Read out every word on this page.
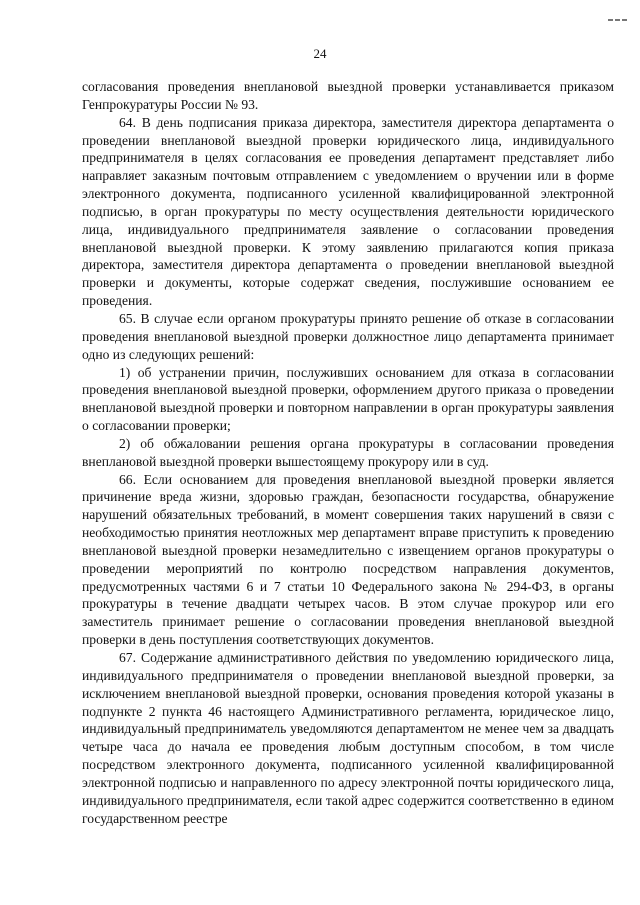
24

согласования проведения внеплановой выездной проверки устанавливается приказом Генпрокуратуры России № 93.

64. В день подписания приказа директора, заместителя директора департамента о проведении внеплановой выездной проверки юридического лица, индивидуального предпринимателя в целях согласования ее проведения департамент представляет либо направляет заказным почтовым отправлением с уведомлением о вручении или в форме электронного документа, подписанного усиленной квалифицированной электронной подписью, в орган прокуратуры по месту осуществления деятельности юридического лица, индивидуального предпринимателя заявление о согласовании проведения внеплановой выездной проверки. К этому заявлению прилагаются копия приказа директора, заместителя директора департамента о проведении внеплановой выездной проверки и документы, которые содержат сведения, послужившие основанием ее проведения.

65. В случае если органом прокуратуры принято решение об отказе в согласовании проведения внеплановой выездной проверки должностное лицо департамента принимает одно из следующих решений:

1) об устранении причин, послуживших основанием для отказа в согласовании проведения внеплановой выездной проверки, оформлением другого приказа о проведении внеплановой выездной проверки и повторном направлении в орган прокуратуры заявления о согласовании проверки;

2) об обжаловании решения органа прокуратуры в согласовании проведения внеплановой выездной проверки вышестоящему прокурору или в суд.

66. Если основанием для проведения внеплановой выездной проверки является причинение вреда жизни, здоровью граждан, безопасности государства, обнаружение нарушений обязательных требований, в момент совершения таких нарушений в связи с необходимостью принятия неотложных мер департамент вправе приступить к проведению внеплановой выездной проверки незамедлительно с извещением органов прокуратуры о проведении мероприятий по контролю посредством направления документов, предусмотренных частями 6 и 7 статьи 10 Федерального закона № 294-ФЗ, в органы прокуратуры в течение двадцати четырех часов. В этом случае прокурор или его заместитель принимает решение о согласовании проведения внеплановой выездной проверки в день поступления соответствующих документов.

67. Содержание административного действия по уведомлению юридического лица, индивидуального предпринимателя о проведении внеплановой выездной проверки, за исключением внеплановой выездной проверки, основания проведения которой указаны в подпункте 2 пункта 46 настоящего Административного регламента, юридическое лицо, индивидуальный предприниматель уведомляются департаментом не менее чем за двадцать четыре часа до начала ее проведения любым доступным способом, в том числе посредством электронного документа, подписанного усиленной квалифицированной электронной подписью и направленного по адресу электронной почты юридического лица, индивидуального предпринимателя, если такой адрес содержится соответственно в едином государственном реестре
